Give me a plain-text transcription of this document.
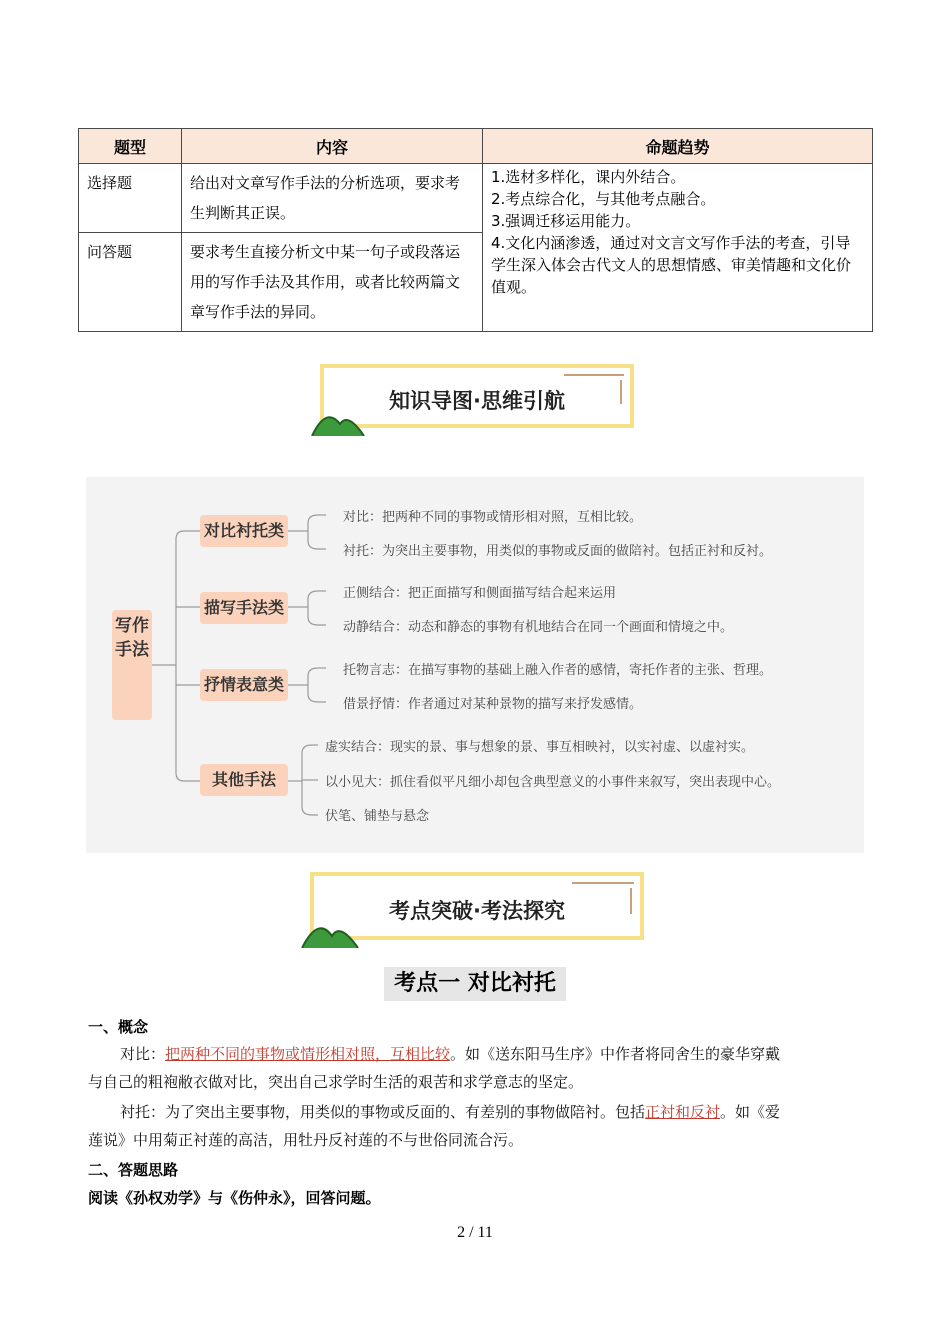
题型	内容	命题趋势
选择题	给出对文章写作手法的分析选项，要求考生判断其正误。	1.选材多样化，课内外结合。
2.考点综合化，与其他考点融合。
3.强调迁移运用能力。
4.文化内涵渗透，通过对文言文写作手法的考查，引导学生深入体会古代文人的思想情感、审美情趣和文化价值观。

问答题	要求考生直接分析文中某一句子或段落运用的写作手法及其作用，或者比较两篇文章写作手法的异同。	
知识导图·思维引航
写作手法
对比衬托类
对比：把两种不同的事物或情形相对照，互相比较。
衬托：为突出主要事物，用类似的事物或反面的做陪衬。包括正衬和反衬。
描写手法类
正侧结合：把正面描写和侧面描写结合起来运用
动静结合：动态和静态的事物有机地结合在同一个画面和情境之中。
抒情表意类
托物言志：在描写事物的基础上融入作者的感情，寄托作者的主张、哲理。
借景抒情：作者通过对某种景物的描写来抒发感情。
其他手法
虚实结合：现实的景、事与想象的景、事互相映衬，以实衬虚、以虚衬实。
以小见大：抓住看似平凡细小却包含典型意义的小事件来叙写，突出表现中心。
伏笔、铺垫与悬念
考点突破·考法探究
考点一 对比衬托
一、概念
对比：把两种不同的事物或情形相对照，互相比较。如《送东阳马生序》中作者将同舍生的豪华穿戴
与自己的粗袍敝衣做对比，突出自己求学时生活的艰苦和求学意志的坚定。
衬托：为了突出主要事物，用类似的事物或反面的、有差别的事物做陪衬。包括正衬和反衬。如《爱
莲说》中用菊正衬莲的高洁，用牡丹反衬莲的不与世俗同流合污。
二、答题思路
阅读《孙权劝学》与《伤仲永》，回答问题。
2 / 11
